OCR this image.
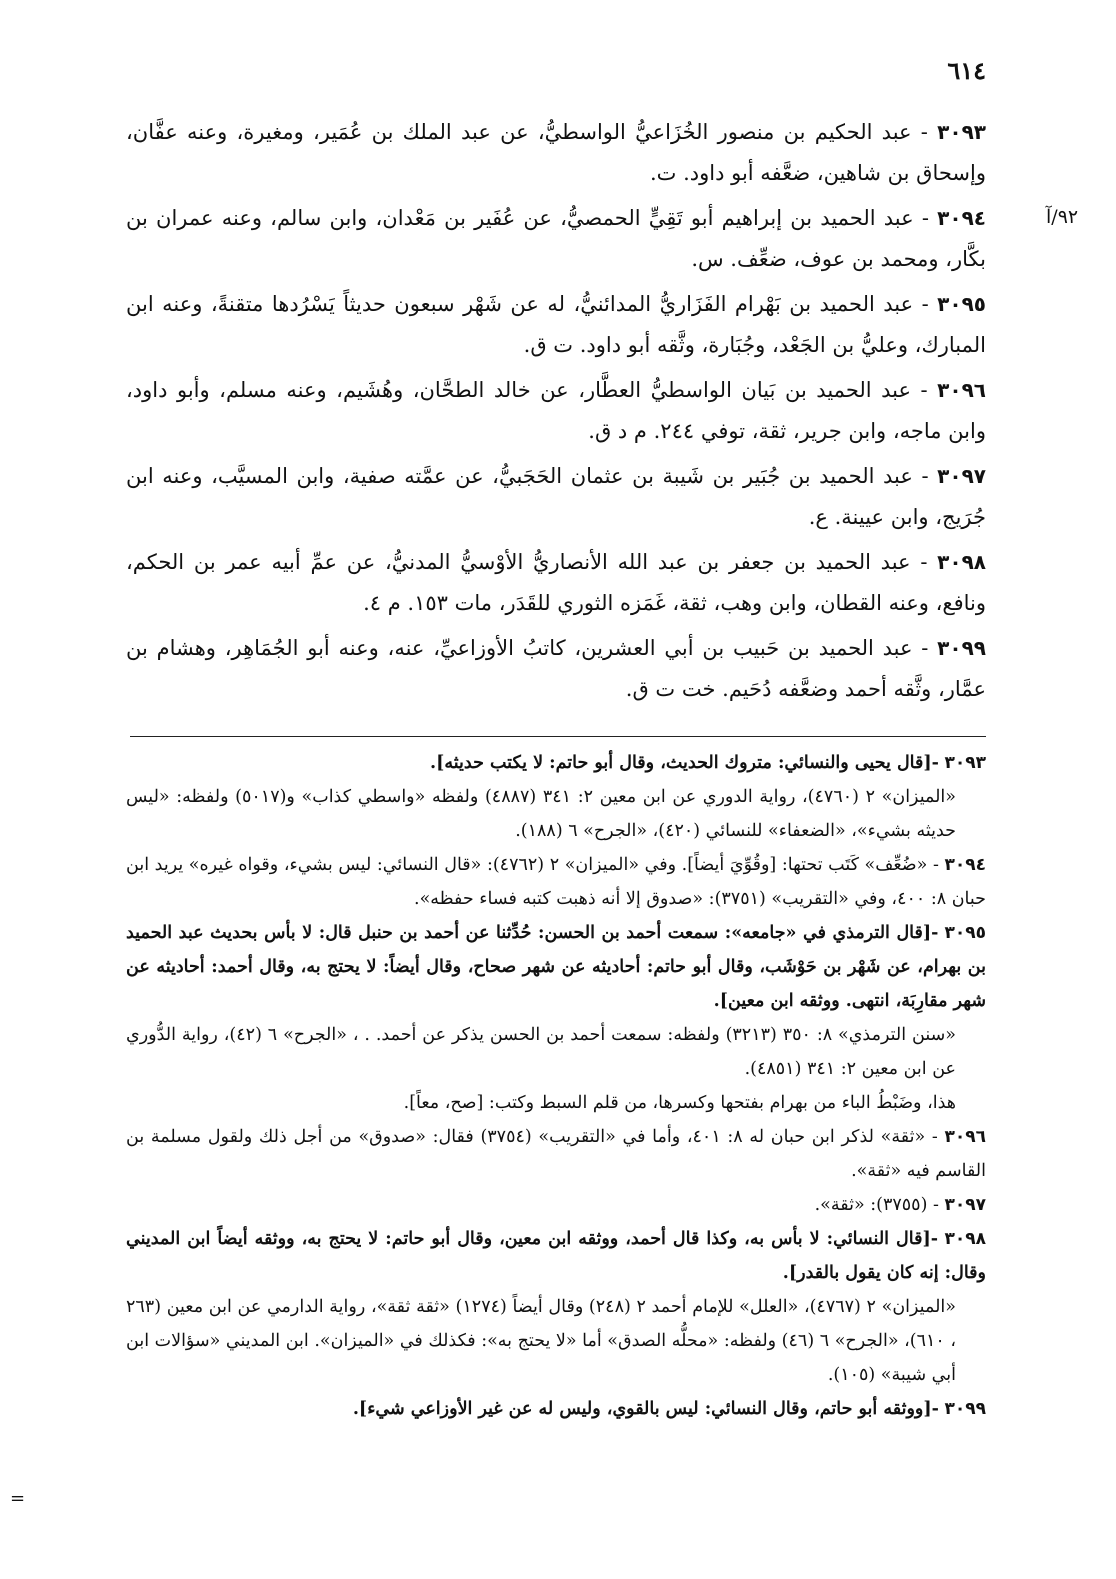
٦١٤
٩٢/آ
=
٣٠٩٣ - عبد الحكيم بن منصور الخُزَاعيُّ الواسطيُّ، عن عبد الملك بن عُمَير، ومغيرة، وعنه عفَّان، وإسحاق بن شاهين، ضعَّفه أبو داود. ت.
٣٠٩٤ - عبد الحميد بن إبراهيم أبو تَقِيٍّ الحمصيُّ، عن عُفَير بن مَعْدان، وابن سالم، وعنه عمران بن بكَّار، ومحمد بن عوف، ضعِّف. س.
٣٠٩٥ - عبد الحميد بن بَهْرام الفَزَاريُّ المدائنيُّ، له عن شَهْر سبعون حديثاً يَسْرُدها متقنةً، وعنه ابن المبارك، وعليُّ بن الجَعْد، وجُبَارة، وثَّقه أبو داود. ت ق.
٣٠٩٦ - عبد الحميد بن بَيان الواسطيُّ العطَّار، عن خالد الطحَّان، وهُشَيم، وعنه مسلم، وأبو داود، وابن ماجه، وابن جرير، ثقة، توفي ٢٤٤. م د ق.
٣٠٩٧ - عبد الحميد بن جُبَير بن شَيبة بن عثمان الحَجَبيُّ، عن عمَّته صفية، وابن المسيَّب، وعنه ابن جُرَيج، وابن عيينة. ع.
٣٠٩٨ - عبد الحميد بن جعفر بن عبد الله الأنصاريُّ الأوْسيُّ المدنيُّ، عن عمِّ أبيه عمر بن الحكم، ونافع، وعنه القطان، وابن وهب، ثقة، غَمَزه الثوري للقَدَر، مات ١٥٣. م ٤.
٣٠٩٩ - عبد الحميد بن حَبيب بن أبي العشرين، كاتبُ الأوزاعيِّ، عنه، وعنه أبو الجُمَاهِر، وهشام بن عمَّار، وثَّقه أحمد وضعَّفه دُحَيم. خت ت ق.

٣٠٩٣ -[قال يحيى والنسائي: متروك الحديث، وقال أبو حاتم: لا يكتب حديثه].
«الميزان» ٢ (٤٧٦٠)، رواية الدوري عن ابن معين ٢: ٣٤١ (٤٨٨٧) ولفظه «واسطي كذاب» و(٥٠١٧) ولفظه: «ليس حديثه بشيء»، «الضعفاء» للنسائي (٤٢٠)، «الجرح» ٦ (١٨٨).

٣٠٩٤ - «ضُعِّف» كَتَب تحتها: [وقُوِّيَ أيضاً]. وفي «الميزان» ٢ (٤٧٦٢): «قال النسائي: ليس بشيء، وقواه غيره» يريد ابن حبان ٨: ٤٠٠، وفي «التقريب» (٣٧٥١): «صدوق إلا أنه ذهبت كتبه فساء حفظه».

٣٠٩٥ -[قال الترمذي في «جامعه»: سمعت أحمد بن الحسن: حُدِّثنا عن أحمد بن حنبل قال: لا بأس بحديث عبد الحميد بن بهرام، عن شَهْر بن حَوْشَب، وقال أبو حاتم: أحاديثه عن شهر صحاح، وقال أيضاً: لا يحتج به، وقال أحمد: أحاديثه عن شهر مقارِبَة، انتهى. ووثقه ابن معين].
«سنن الترمذي» ٨: ٣٥٠ (٣٢١٣) ولفظه: سمعت أحمد بن الحسن يذكر عن أحمد. . ، «الجرح» ٦ (٤٢)، رواية الدُّوري عن ابن معين ٢: ٣٤١ (٤٨٥١).
هذا، وضَبْطُ الباء من بهرام بفتحها وكسرها، من قلم السبط وكتب: [صح، معاً].

٣٠٩٦ - «ثقة» لذكر ابن حبان له ٨: ٤٠١، وأما في «التقريب» (٣٧٥٤) فقال: «صدوق» من أجل ذلك ولقول مسلمة بن القاسم فيه «ثقة».

٣٠٩٧ - (٣٧٥٥): «ثقة».

٣٠٩٨ -[قال النسائي: لا بأس به، وكذا قال أحمد، ووثقه ابن معين، وقال أبو حاتم: لا يحتج به، ووثقه أيضاً ابن المديني وقال: إنه كان يقول بالقدر].
«الميزان» ٢ (٤٧٦٧)، «العلل» للإمام أحمد ٢ (٢٤٨) وقال أيضاً (١٢٧٤) «ثقة ثقة»، رواية الدارمي عن ابن معين (٢٦٣ ، ٦١٠)، «الجرح» ٦ (٤٦) ولفظه: «محلُّه الصدق» أما «لا يحتج به»: فكذلك في «الميزان». ابن المديني «سؤالات ابن أبي شيبة» (١٠٥).

٣٠٩٩ -[ووثقه أبو حاتم، وقال النسائي: ليس بالقوي، وليس له عن غير الأوزاعي شيء].
